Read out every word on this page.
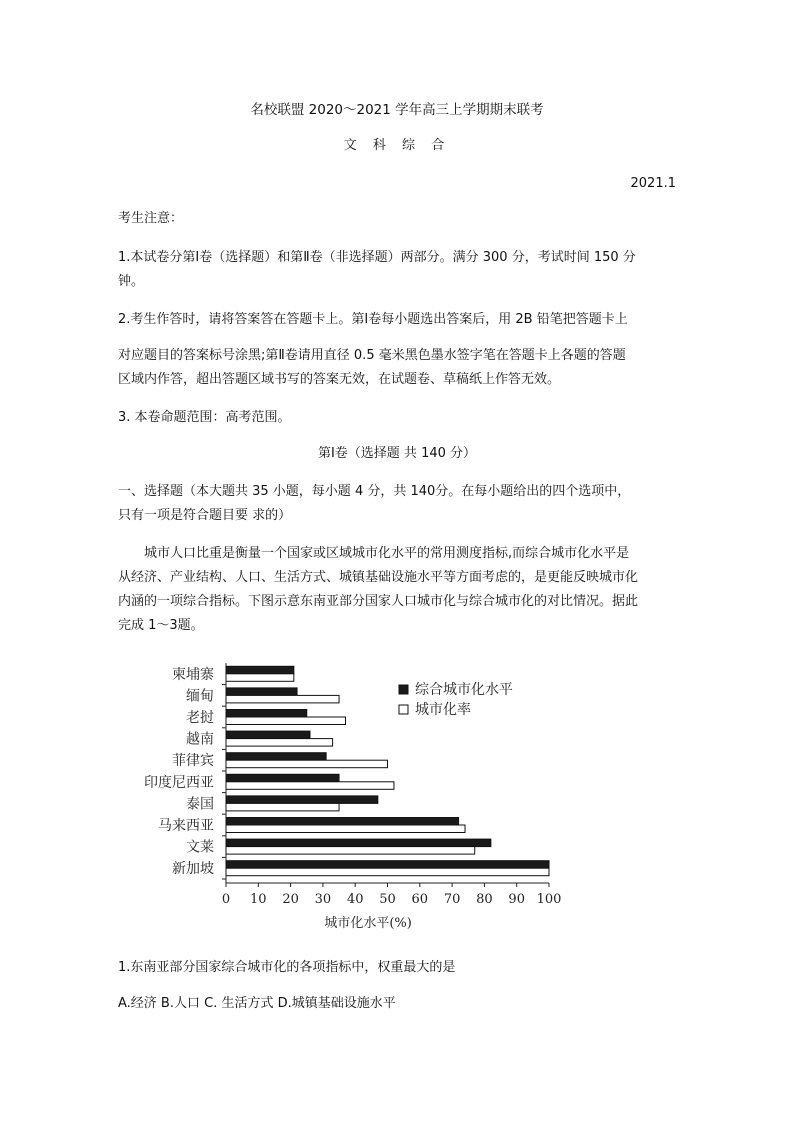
名校联盟 2020～2021 学年高三上学期期末联考
文 科 综 合
2021.1
考生注意：
1.本试卷分第Ⅰ卷（选择题）和第Ⅱ卷（非选择题）两部分。满分 300 分，考试时间 150 分
钟。
2.考生作答时，请将答案答在答题卡上。第Ⅰ卷每小题选出答案后，用 2B 铅笔把答题卡上
对应题目的答案标号涂黑;第Ⅱ卷请用直径 0.5 毫米黑色墨水签字笔在答题卡上各题的答题
区域内作答，超出答题区域书写的答案无效，在试题卷、草稿纸上作答无效。
3. 本卷命题范围：高考范围。
第Ⅰ卷（选择题 共 140 分）
一、选择题（本大题共 35 小题，每小题 4 分，共 140分。在每小题给出的四个选项中，
只有一项是符合题目要 求的）
城市人口比重是衡量一个国家或区域城市化水平的常用测度指标,而综合城市化水平是
从经济、产业结构、人口、生活方式、城镇基础设施水平等方面考虑的，是更能反映城市化
内涵的一项综合指标。下图示意东南亚部分国家人口城市化与综合城市化的对比情况。据此
完成 1～3题。
柬埔寨
缅甸
老挝
越南
菲律宾
印度尼西亚
泰国
马来西亚
文莱
新加坡
0 10 20 30 40 50 60 70 80 90 100
城市化水平(%)
综合城市化水平
城市化率
1.东南亚部分国家综合城市化的各项指标中，权重最大的是
A.经济 B.人口 C. 生活方式 D.城镇基础设施水平
